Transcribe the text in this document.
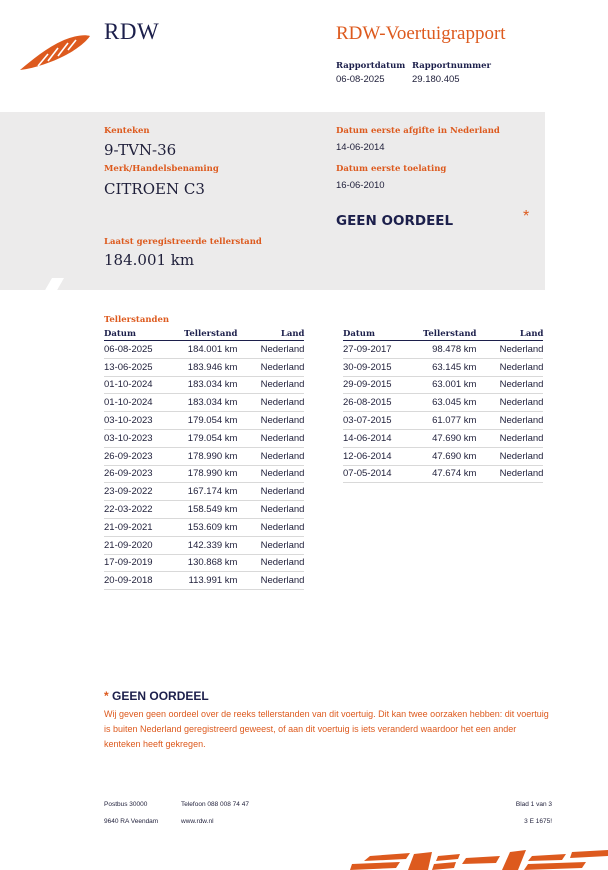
RDW	RDW-Voertuigrapport
Rapportdatum
06-08-2025
Rapportnummer
29.180.405
Kenteken
9-TVN-36
Merk/Handelsbenaming
CITROEN C3
Datum eerste afgifte in Nederland
14-06-2014
Datum eerste toelating
16-06-2010
GEEN OORDEEL	*
Laatst geregistreerde tellerstand
184.001 km
Tellerstanden
Datum	Tellerstand	Land
06-08-2025	184.001 km	Nederland
13-06-2025	183.946 km	Nederland
01-10-2024	183.034 km	Nederland
01-10-2024	183.034 km	Nederland
03-10-2023	179.054 km	Nederland
03-10-2023	179.054 km	Nederland
26-09-2023	178.990 km	Nederland
26-09-2023	178.990 km	Nederland
23-09-2022	167.174 km	Nederland
22-03-2022	158.549 km	Nederland
21-09-2021	153.609 km	Nederland
21-09-2020	142.339 km	Nederland
17-09-2019	130.868 km	Nederland
20-09-2018	113.991 km	Nederland
Datum	Tellerstand	Land
27-09-2017	98.478 km	Nederland
30-09-2015	63.145 km	Nederland
29-09-2015	63.001 km	Nederland
26-08-2015	63.045 km	Nederland
03-07-2015	61.077 km	Nederland
14-06-2014	47.690 km	Nederland
12-06-2014	47.690 km	Nederland
07-05-2014	47.674 km	Nederland
* GEEN OORDEEL
Wij geven geen oordeel over de reeks tellerstanden van dit voertuig. Dit kan twee oorzaken hebben: dit voertuig is buiten Nederland geregistreerd geweest, of aan dit voertuig is iets veranderd waardoor het een ander kenteken heeft gekregen.
Postbus 30000
9640 RA Veendam
Telefoon 088 008 74 47
www.rdw.nl
Blad 1 van 3
3 E 1675!
